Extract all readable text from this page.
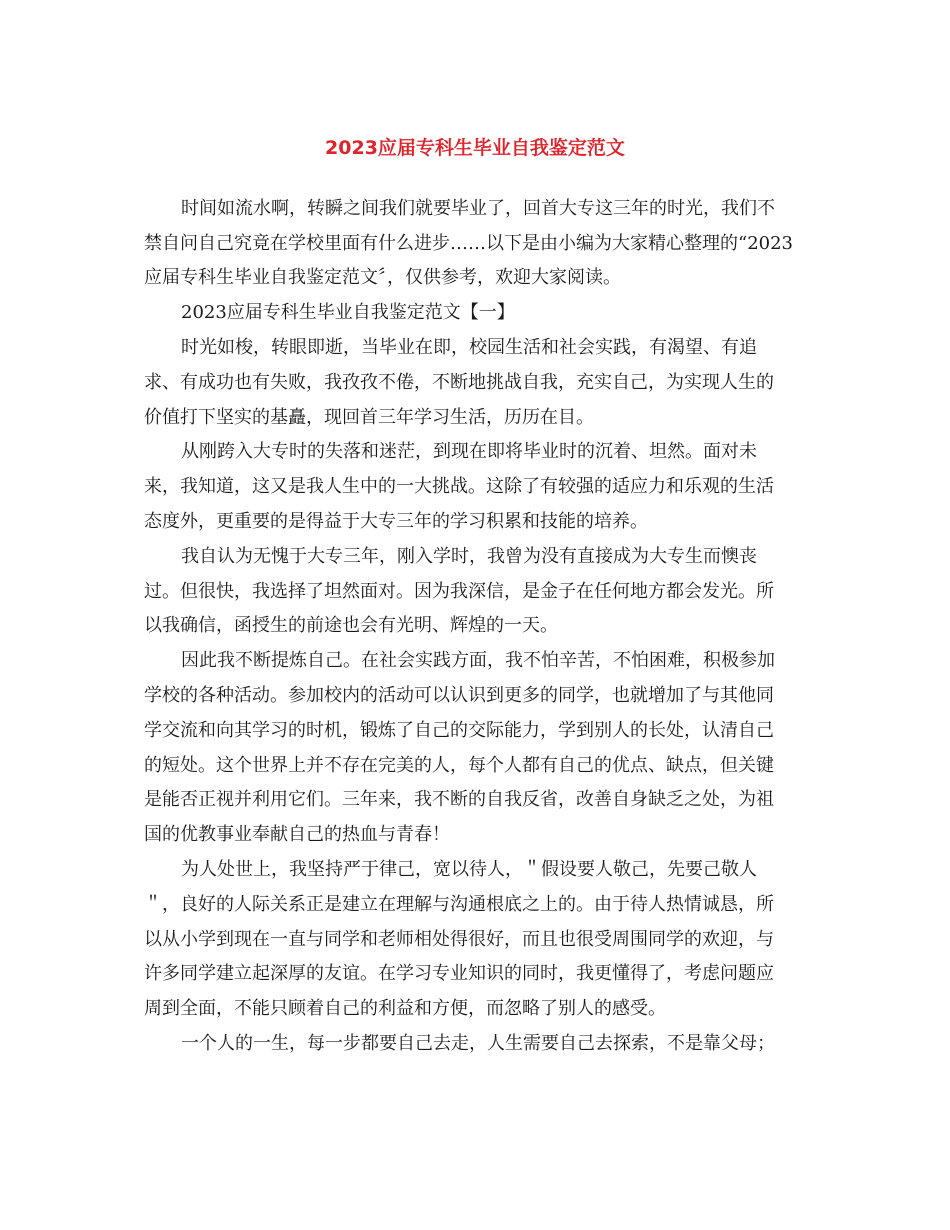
2023应届专科生毕业自我鉴定范文

时间如流水啊，转瞬之间我们就要毕业了，回首大专这三年的时光，我们不

禁自问自己究竟在学校里面有什么进步……以下是由小编为大家精心整理的“2023

应届专科生毕业自我鉴定范文〞，仅供参考，欢迎大家阅读。

2023应届专科生毕业自我鉴定范文【一】

时光如梭，转眼即逝，当毕业在即，校园生活和社会实践，有渴望、有追

求、有成功也有失败，我孜孜不倦，不断地挑战自我，充实自己，为实现人生的

价值打下坚实的基矗，现回首三年学习生活，历历在目。

从刚跨入大专时的失落和迷茫，到现在即将毕业时的沉着、坦然。面对未

来，我知道，这又是我人生中的一大挑战。这除了有较强的适应力和乐观的生活

态度外，更重要的是得益于大专三年的学习积累和技能的培养。

我自认为无愧于大专三年，刚入学时，我曾为没有直接成为大专生而懊丧

过。但很快，我选择了坦然面对。因为我深信，是金子在任何地方都会发光。所

以我确信，函授生的前途也会有光明、辉煌的一天。

因此我不断提炼自己。在社会实践方面，我不怕辛苦，不怕困难，积极参加

学校的各种活动。参加校内的活动可以认识到更多的同学，也就增加了与其他同

学交流和向其学习的时机，锻炼了自己的交际能力，学到别人的长处，认清自己

的短处。这个世界上并不存在完美的人，每个人都有自己的优点、缺点，但关键

是能否正视并利用它们。三年来，我不断的自我反省，改善自身缺乏之处，为祖

国的优教事业奉献自己的热血与青春！

为人处世上，我坚持严于律己，宽以待人，＂假设要人敬己，先要己敬人

＂，良好的人际关系正是建立在理解与沟通根底之上的。由于待人热情诚恳，所

以从小学到现在一直与同学和老师相处得很好，而且也很受周围同学的欢迎，与

许多同学建立起深厚的友谊。在学习专业知识的同时，我更懂得了，考虑问题应

周到全面，不能只顾着自己的利益和方便，而忽略了别人的感受。

一个人的一生，每一步都要自己去走，人生需要自己去探索，不是靠父母；
